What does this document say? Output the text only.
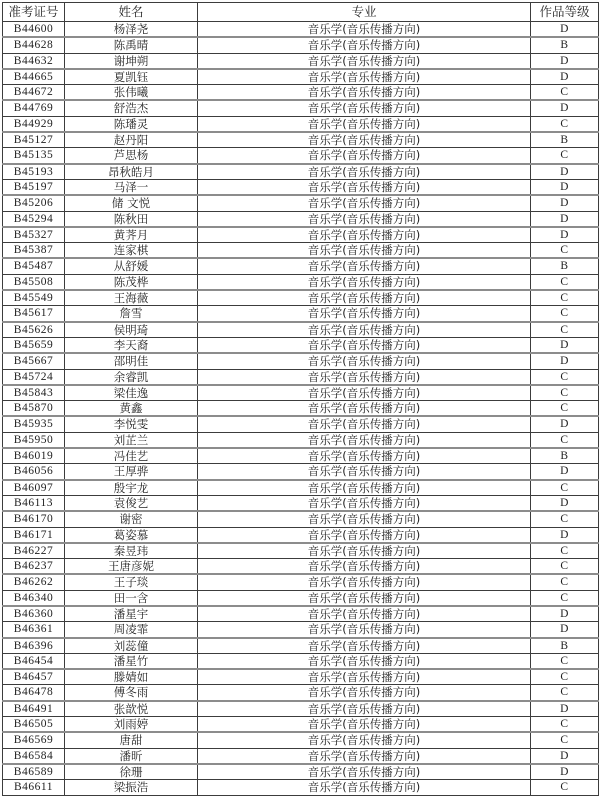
准考证号	姓名	专业	作品等级
B44600	杨泽尧	音乐学(音乐传播方向)	D
B44628	陈禹晴	音乐学(音乐传播方向)	B
B44632	谢坤朔	音乐学(音乐传播方向)	D
B44665	夏凯钰	音乐学(音乐传播方向)	D
B44672	张伟曦	音乐学(音乐传播方向)	C
B44769	舒浩杰	音乐学(音乐传播方向)	D
B44929	陈璠灵	音乐学(音乐传播方向)	C
B45127	赵丹阳	音乐学(音乐传播方向)	B
B45135	芦思杨	音乐学(音乐传播方向)	C
B45193	昂秋皓月	音乐学(音乐传播方向)	D
B45197	马泽一	音乐学(音乐传播方向)	D
B45206	储 文悦	音乐学(音乐传播方向)	D
B45294	陈秋田	音乐学(音乐传播方向)	D
B45327	黄荠月	音乐学(音乐传播方向)	D
B45387	连家棋	音乐学(音乐传播方向)	C
B45487	从舒媛	音乐学(音乐传播方向)	B
B45508	陈茂桦	音乐学(音乐传播方向)	C
B45549	王海薇	音乐学(音乐传播方向)	C
B45617	詹雪	音乐学(音乐传播方向)	C
B45626	侯明琦	音乐学(音乐传播方向)	C
B45659	李天裔	音乐学(音乐传播方向)	D
B45667	邵明佳	音乐学(音乐传播方向)	D
B45724	余睿凯	音乐学(音乐传播方向)	C
B45843	梁佳逸	音乐学(音乐传播方向)	C
B45870	黄鑫	音乐学(音乐传播方向)	C
B45935	李悦雯	音乐学(音乐传播方向)	D
B45950	刘芷兰	音乐学(音乐传播方向)	C
B46019	冯佳艺	音乐学(音乐传播方向)	B
B46056	王厚骅	音乐学(音乐传播方向)	D
B46097	殷宇龙	音乐学(音乐传播方向)	C
B46113	袁俊艺	音乐学(音乐传播方向)	D
B46170	谢密	音乐学(音乐传播方向)	C
B46171	葛姿慕	音乐学(音乐传播方向)	D
B46227	秦昱玮	音乐学(音乐传播方向)	C
B46237	王唐彦妮	音乐学(音乐传播方向)	C
B46262	王子琰	音乐学(音乐传播方向)	C
B46340	田一含	音乐学(音乐传播方向)	C
B46360	潘星宇	音乐学(音乐传播方向)	D
B46361	周凌霏	音乐学(音乐传播方向)	D
B46396	刘蕊僮	音乐学(音乐传播方向)	B
B46454	潘星竹	音乐学(音乐传播方向)	C
B46457	滕婧如	音乐学(音乐传播方向)	C
B46478	傅冬雨	音乐学(音乐传播方向)	C
B46491	张歆悦	音乐学(音乐传播方向)	D
B46505	刘雨婷	音乐学(音乐传播方向)	C
B46569	唐甜	音乐学(音乐传播方向)	C
B46584	潘昕	音乐学(音乐传播方向)	D
B46589	徐珊	音乐学(音乐传播方向)	D
B46611	梁振浩	音乐学(音乐传播方向)	C
